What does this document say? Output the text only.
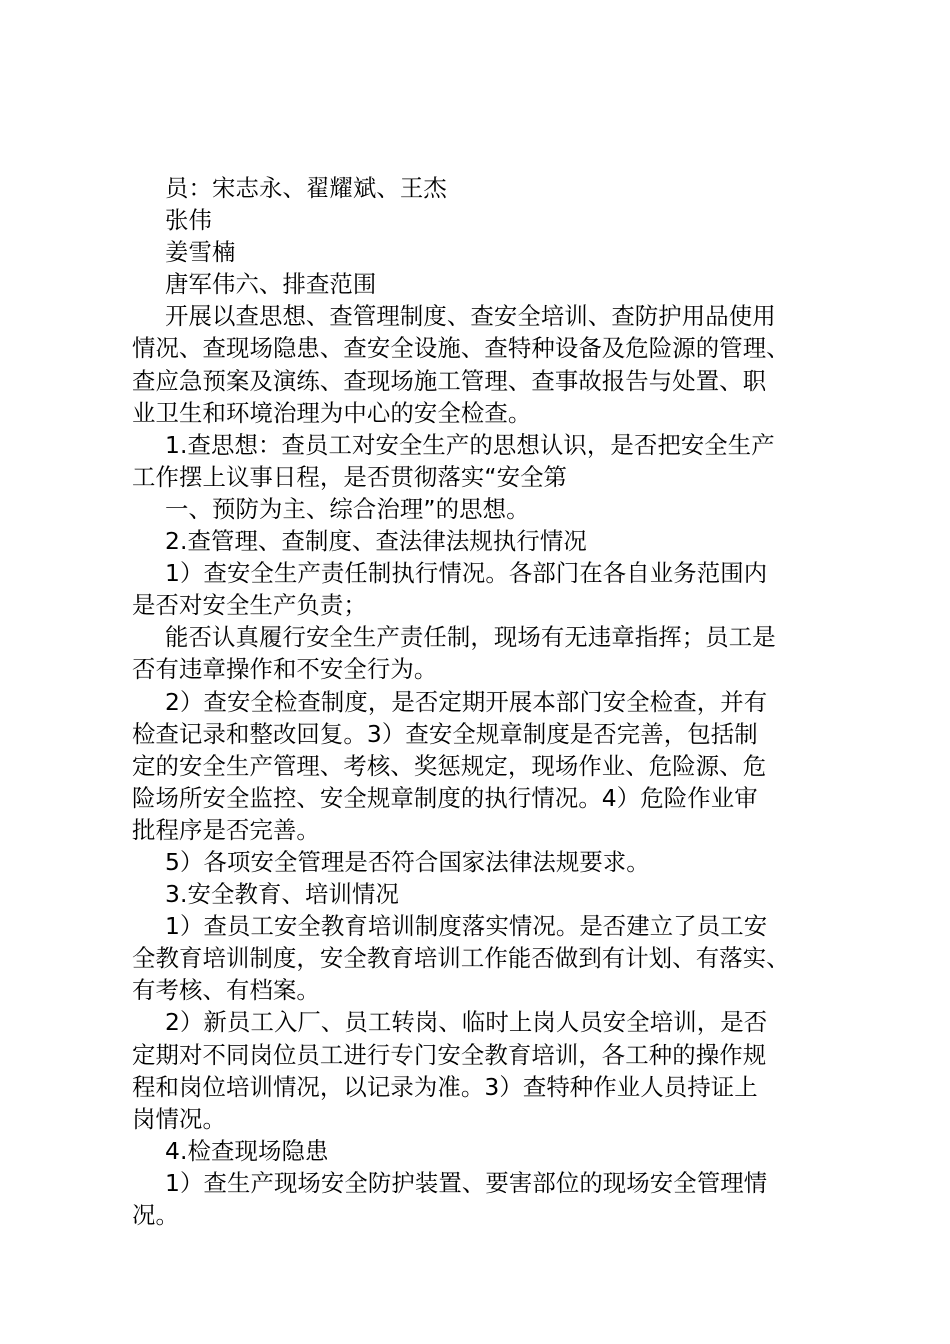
员：宋志永、翟耀斌、王杰
张伟
姜雪楠
唐军伟六、排查范围
开展以查思想、查管理制度、查安全培训、查防护用品使用
情况、查现场隐患、查安全设施、查特种设备及危险源的管理、
查应急预案及演练、查现场施工管理、查事故报告与处置、职
业卫生和环境治理为中心的安全检查。
1.查思想：查员工对安全生产的思想认识，是否把安全生产
工作摆上议事日程，是否贯彻落实“安全第
一、预防为主、综合治理”的思想。
2.查管理、查制度、查法律法规执行情况
1）查安全生产责任制执行情况。各部门在各自业务范围内
是否对安全生产负责；
能否认真履行安全生产责任制，现场有无违章指挥；员工是
否有违章操作和不安全行为。
2）查安全检查制度，是否定期开展本部门安全检查，并有
检查记录和整改回复。3）查安全规章制度是否完善，包括制
定的安全生产管理、考核、奖惩规定，现场作业、危险源、危
险场所安全监控、安全规章制度的执行情况。4）危险作业审
批程序是否完善。
5）各项安全管理是否符合国家法律法规要求。
3.安全教育、培训情况
1）查员工安全教育培训制度落实情况。是否建立了员工安
全教育培训制度，安全教育培训工作能否做到有计划、有落实、
有考核、有档案。
2）新员工入厂、员工转岗、临时上岗人员安全培训，是否
定期对不同岗位员工进行专门安全教育培训，各工种的操作规
程和岗位培训情况，以记录为准。3）查特种作业人员持证上
岗情况。
4.检查现场隐患
1）查生产现场安全防护装置、要害部位的现场安全管理情
况。
